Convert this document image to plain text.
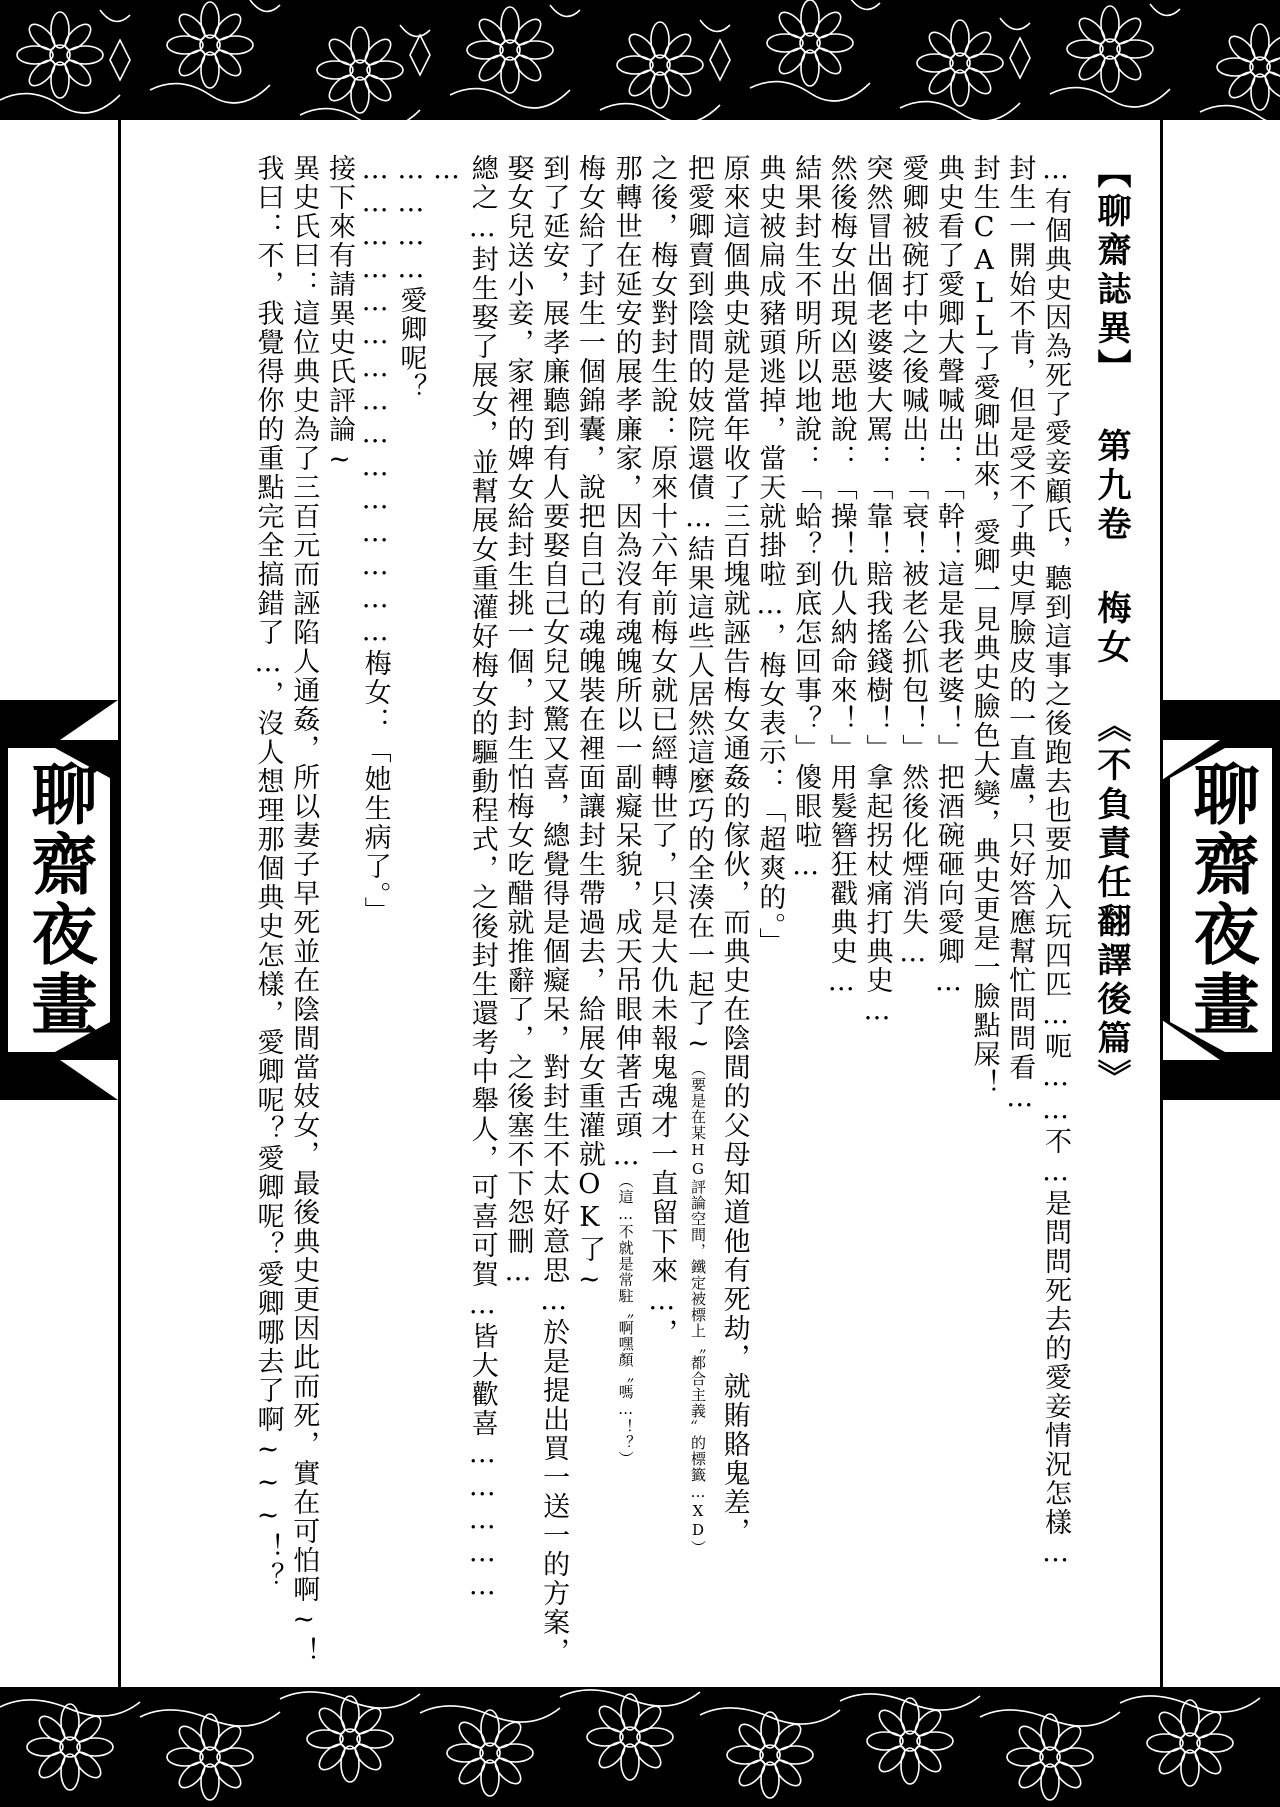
聊齋夜畫	聊齋夜畫
【聊齋誌異】第九卷 梅女《不負責任翻譯後篇》
…有個典史因為死了愛妾顧氏，聽到這事之後跑去也要加入玩四匹…呃……不…是問問死去的愛妾情況怎樣…
封生一開始不肯，但是受不了典史厚臉皮的一直盧，只好答應幫忙問問看…
封生CALL了愛卿出來，愛卿一見典史臉色大變，典史更是一臉點屎！
典史看了愛卿大聲喊出：「幹！這是我老婆！」把酒碗砸向愛卿…
愛卿被碗打中之後喊出：「衰！被老公抓包！」然後化煙消失…
突然冒出個老婆婆大罵：「靠！賠我搖錢樹！」拿起拐杖痛打典史…
然後梅女出現凶惡地說：「操！仇人納命來！」用髮簪狂戳典史…
結果封生不明所以地說：「蛤？到底怎回事？」傻眼啦…
典史被扁成豬頭逃掉，當天就掛啦…，梅女表示：「超爽的。」
原來這個典史就是當年收了三百塊就誣告梅女通姦的傢伙，而典史在陰間的父母知道他有死劫，就賄賂鬼差，
把愛卿賣到陰間的妓院還債…結果這些人居然這麼巧的全湊在一起了~（要是在某HG評論空間，鐵定被標上〝都合主義〟的標籤…XD）
之後，梅女對封生說：原來十六年前梅女就已經轉世了，只是大仇未報鬼魂才一直留下來…，
那轉世在延安的展孝廉家，因為沒有魂魄所以一副癡呆貌，成天吊眼伸著舌頭…（這…不就是常駐〝啊嘿顏〝嗎…！？）
梅女給了封生一個錦囊，說把自己的魂魄裝在裡面讓封生帶過去，給展女重灌就OK了~
到了延安，展孝廉聽到有人要娶自己女兒又驚又喜，總覺得是個癡呆，對封生不太好意思…於是提出買一送一的方案，
娶女兒送小妾，家裡的婢女給封生挑一個，封生怕梅女吃醋就推辭了，之後塞不下怨刪…
總之…封生娶了展女，並幫展女重灌好梅女的驅動程式，之後封生還考中舉人，可喜可賀…皆大歡喜……………
…
…………愛卿呢？
………………………………………梅女：「她生病了。」
接下來有請異史氏評論~
異史氏曰：這位典史為了三百元而誣陷人通姦，所以妻子早死並在陰間當妓女，最後典史更因此而死，實在可怕啊~！
我曰：不，我覺得你的重點完全搞錯了…，沒人想理那個典史怎樣，愛卿呢？愛卿呢？愛卿哪去了啊~~~！？
